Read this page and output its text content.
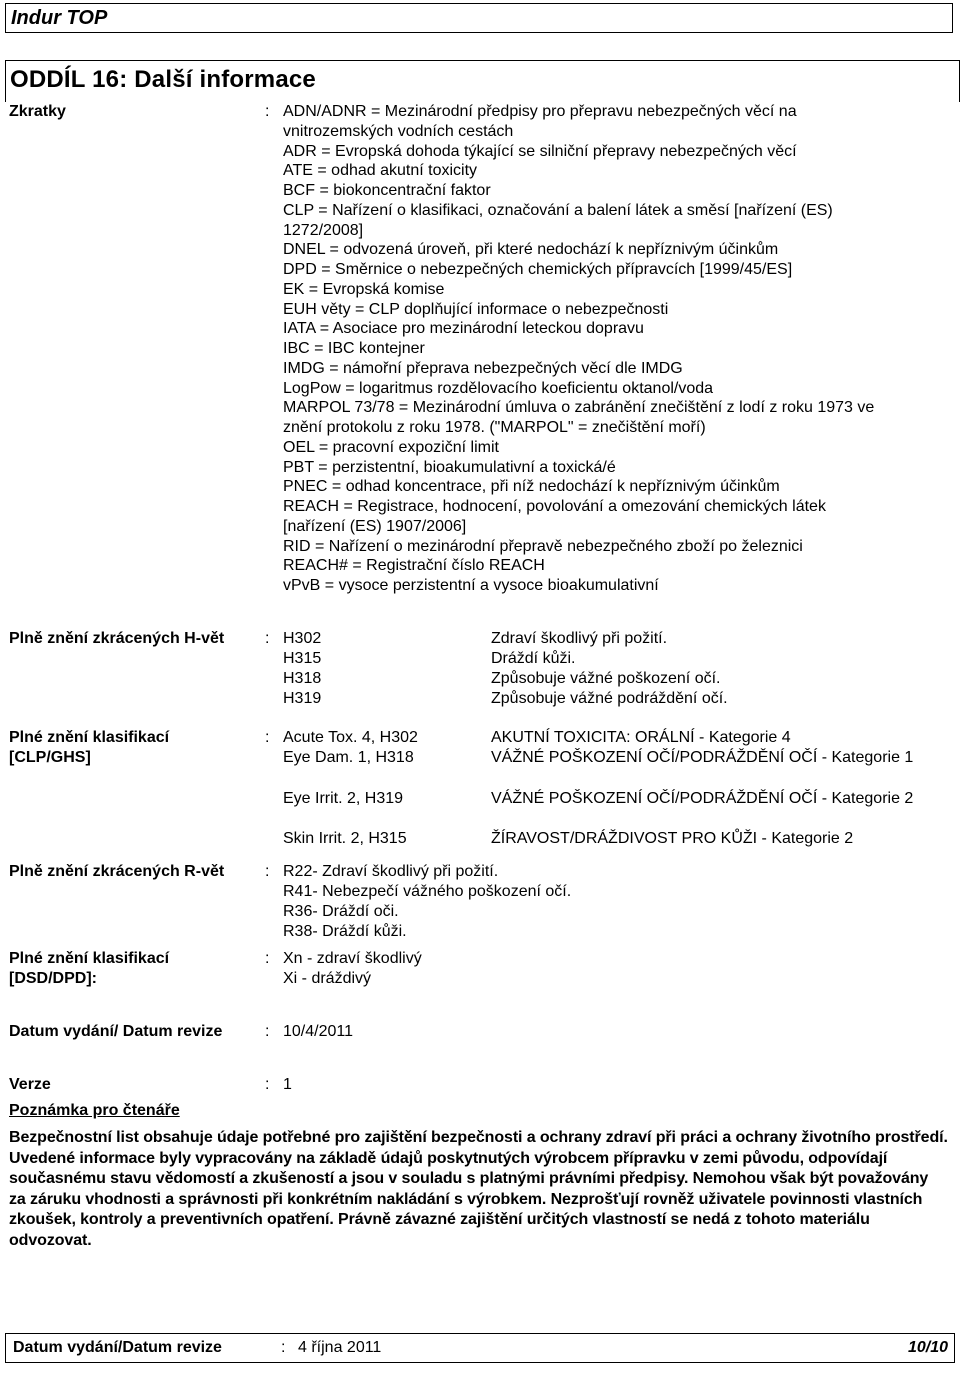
Indur TOP
ODDÍL 16: Další informace
Zkratky	: ADN/ADNR = Mezinárodní předpisy pro přepravu nebezpečných věcí na
vnitrozemských vodních cestách
ADR = Evropská dohoda týkající se silniční přepravy nebezpečných věcí
ATE = odhad akutní toxicity
BCF = biokoncentrační faktor
CLP = Nařízení o klasifikaci, označování a balení látek a směsí [nařízení (ES)
1272/2008]
DNEL = odvozená úroveň, při které nedochází k nepříznivým účinkům
DPD = Směrnice o nebezpečných chemických přípravcích [1999/45/ES]
EK = Evropská komise
EUH věty = CLP doplňující informace o nebezpečnosti
IATA = Asociace pro mezinárodní leteckou dopravu
IBC = IBC kontejner
IMDG = námořní přeprava nebezpečných věcí dle IMDG
LogPow = logaritmus rozdělovacího koeficientu oktanol/voda
MARPOL 73/78 = Mezinárodní úmluva o zabránění znečištění z lodí z roku 1973 ve
znění protokolu z roku 1978. ("MARPOL" = znečištění moří)
OEL = pracovní expoziční limit
PBT = perzistentní, bioakumulativní a toxická/é
PNEC = odhad koncentrace, při níž nedochází k nepříznivým účinkům
REACH = Registrace, hodnocení, povolování a omezování chemických látek
[nařízení (ES) 1907/2006]
RID = Nařízení o mezinárodní přepravě nebezpečného zboží po železnici
REACH# = Registrační číslo REACH
vPvB = vysoce perzistentní a vysoce bioakumulativní
Plně znění zkrácených H-vět	: H302	Zdraví škodlivý při požití.
H315	Dráždí kůži.
H318	Způsobuje vážné poškození očí.
H319	Způsobuje vážné podráždění očí.
Plné znění klasifikací
[CLP/GHS]
: Acute Tox. 4, H302	AKUTNÍ TOXICITA: ORÁLNÍ - Kategorie 4
Eye Dam. 1, H318	VÁŽNÉ POŠKOZENÍ OČÍ/PODRÁŽDĚNÍ OČÍ - Kategorie 1
Eye Irrit. 2, H319	VÁŽNÉ POŠKOZENÍ OČÍ/PODRÁŽDĚNÍ OČÍ - Kategorie 2
Skin Irrit. 2, H315	ŽÍRAVOST/DRÁŽDIVOST PRO KŮŽI - Kategorie 2
Plně znění zkrácených R-vět	: R22- Zdraví škodlivý při požití.
R41- Nebezpečí vážného poškození očí.
R36- Dráždí oči.
R38- Dráždí kůži.
Plné znění klasifikací
[DSD/DPD]:
: Xn - zdraví škodlivý
Xi - dráždivý
Datum vydání/ Datum revize	: 10/4/2011
Verze	: 1
Poznámka pro čtenáře
Bezpečnostní list obsahuje údaje potřebné pro zajištění bezpečnosti a ochrany zdraví při práci a ochrany životního prostředí. Uvedené informace byly vypracovány na základě údajů poskytnutých výrobcem přípravku v zemi původu, odpovídají současnému stavu vědomostí a zkušeností a jsou v souladu s platnými právními předpisy. Nemohou však být považovány za záruku vhodnosti a správnosti při konkrétním nakládání s výrobkem. Nezprošťují rovněž uživatele povinnosti vlastních zkoušek, kontroly a preventivních opatření. Právně závazné zajištění určitých vlastností se nedá z tohoto materiálu odvozovat.
Datum vydání/Datum revize	: 4 října 2011	10/10
